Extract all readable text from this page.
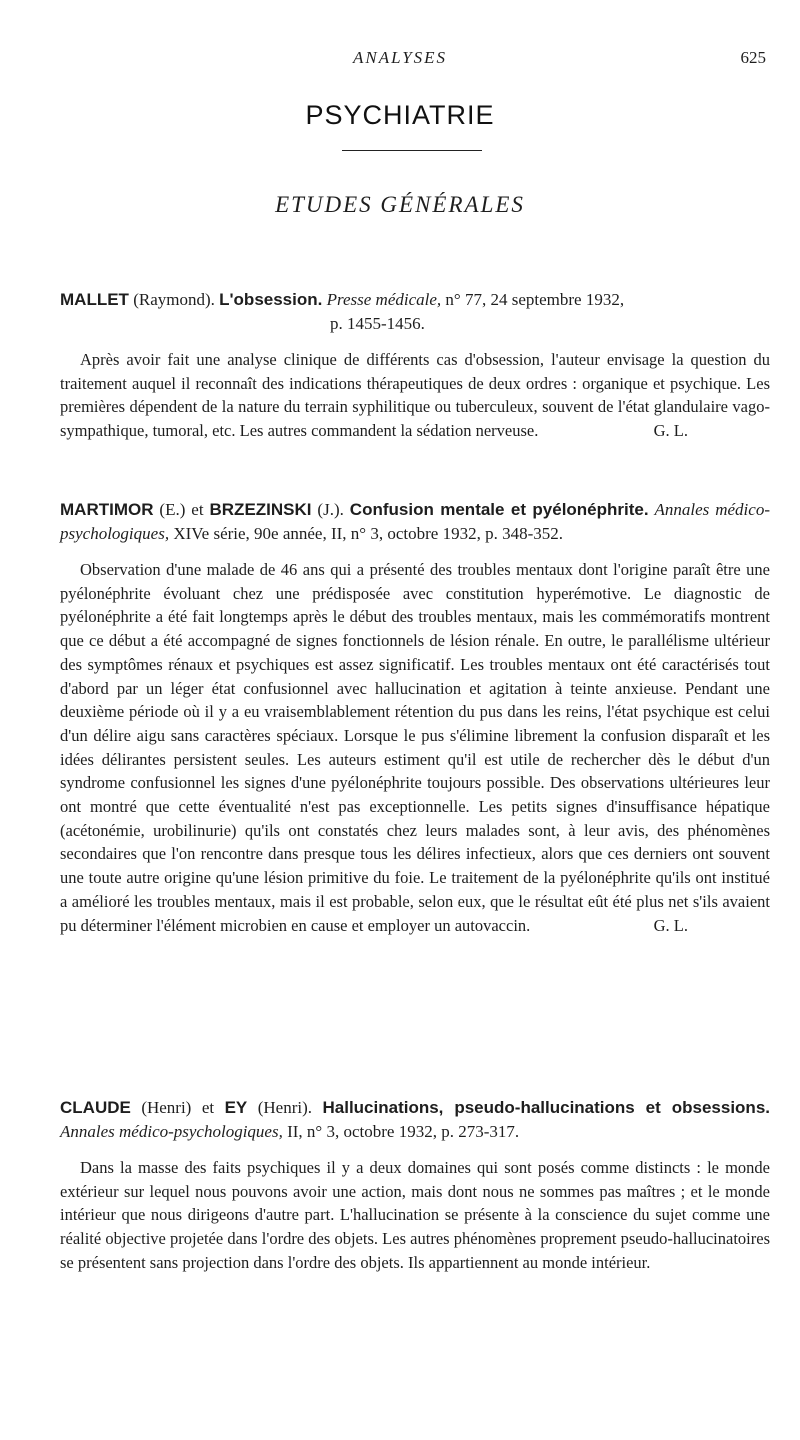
ANALYSES	625
PSYCHIATRIE
ETUDES GÉNÉRALES

MALLET (Raymond). L'obsession. Presse médicale, n° 77, 24 septembre 1932,
p. 1455-1456.

Après avoir fait une analyse clinique de différents cas d'obsession, l'auteur envisage la question du traitement auquel il reconnaît des indications thérapeutiques de deux ordres : organique et psychique. Les premières dépendent de la nature du terrain syphilitique ou tuberculeux, souvent de l'état glandulaire vago-sympathique, tumoral, etc. Les autres commandent la sédation nerveuse.	G. L.

MARTIMOR (E.) et BRZEZINSKI (J.). Confusion mentale et pyélonéphrite. Annales médico-psychologiques, XIVe série, 90e année, II, n° 3, octobre 1932, p. 348-352.

Observation d'une malade de 46 ans qui a présenté des troubles mentaux dont l'origine paraît être une pyélonéphrite évoluant chez une prédisposée avec constitution hyperémotive. Le diagnostic de pyélonéphrite a été fait longtemps après le début des troubles mentaux, mais les commémoratifs montrent que ce début a été accompagné de signes fonctionnels de lésion rénale. En outre, le parallélisme ultérieur des symptômes rénaux et psychiques est assez significatif. Les troubles mentaux ont été caractérisés tout d'abord par un léger état confusionnel avec hallucination et agitation à teinte anxieuse. Pendant une deuxième période où il y a eu vraisemblablement rétention du pus dans les reins, l'état psychique est celui d'un délire aigu sans caractères spéciaux. Lorsque le pus s'élimine librement la confusion disparaît et les idées délirantes persistent seules. Les auteurs estiment qu'il est utile de rechercher dès le début d'un syndrome confusionnel les signes d'une pyélonéphrite toujours possible. Des observations ultérieures leur ont montré que cette éventualité n'est pas exceptionnelle. Les petits signes d'insuffisance hépatique (acétonémie, urobilinurie) qu'ils ont constatés chez leurs malades sont, à leur avis, des phénomènes secondaires que l'on rencontre dans presque tous les délires infectieux, alors que ces derniers ont souvent une toute autre origine qu'une lésion primitive du foie. Le traitement de la pyélonéphrite qu'ils ont institué a amélioré les troubles mentaux, mais il est probable, selon eux, que le résultat eût été plus net s'ils avaient pu déterminer l'élément microbien en cause et employer un autovaccin.	G. L.

CLAUDE (Henri) et EY (Henri). Hallucinations, pseudo-hallucinations et obsessions. Annales médico-psychologiques, II, n° 3, octobre 1932, p. 273-317.

Dans la masse des faits psychiques il y a deux domaines qui sont posés comme distincts : le monde extérieur sur lequel nous pouvons avoir une action, mais dont nous ne sommes pas maîtres ; et le monde intérieur que nous dirigeons d'autre part. L'hallucination se présente à la conscience du sujet comme une réalité objective projetée dans l'ordre des objets. Les autres phénomènes proprement pseudo-hallucinatoires se présentent sans projection dans l'ordre des objets. Ils appartiennent au monde intérieur.
